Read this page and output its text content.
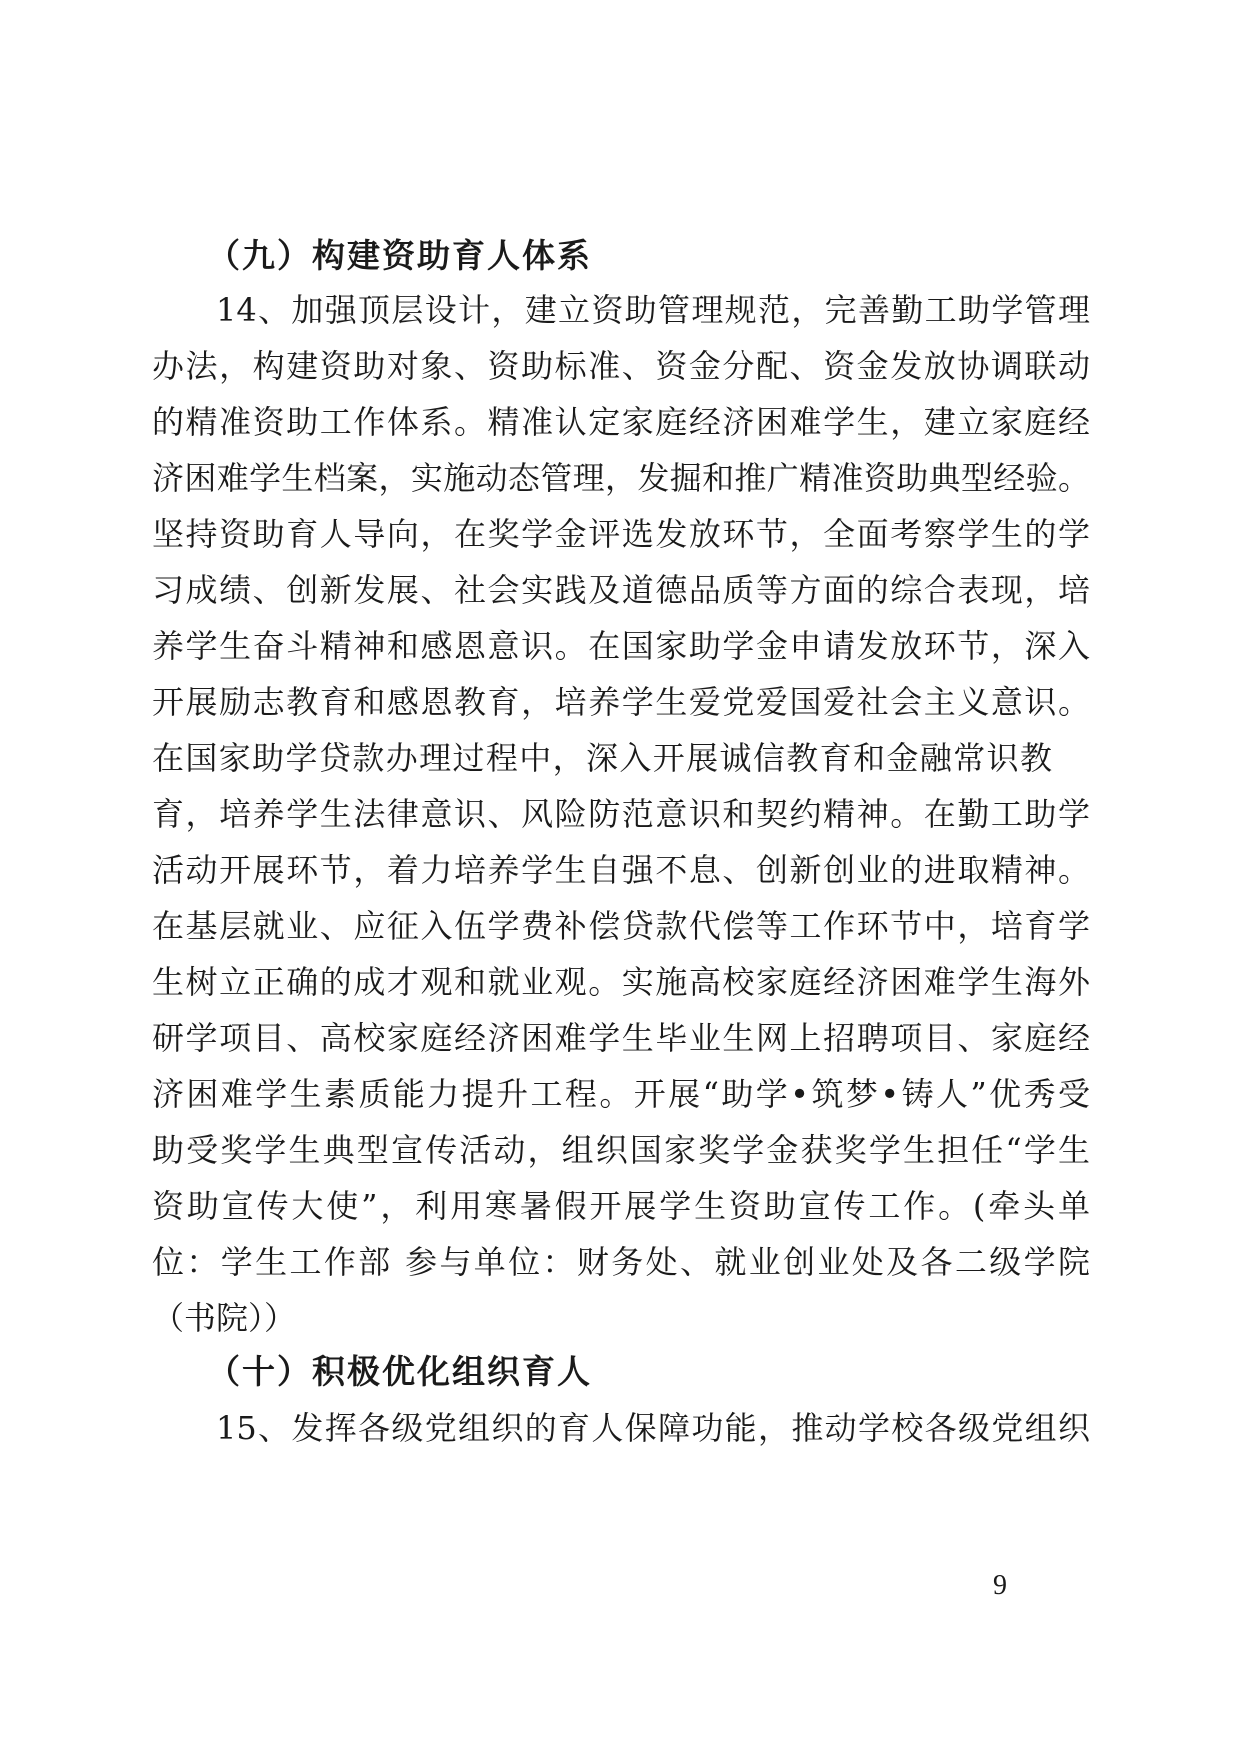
（九）构建资助育人体系
14、加强顶层设计，建立资助管理规范，完善勤工助学管理
办法，构建资助对象、资助标准、资金分配、资金发放协调联动
的精准资助工作体系。精准认定家庭经济困难学生，建立家庭经
济困难学生档案，实施动态管理，发掘和推广精准资助典型经验。
坚持资助育人导向，在奖学金评选发放环节，全面考察学生的学
习成绩、创新发展、社会实践及道德品质等方面的综合表现，培
养学生奋斗精神和感恩意识。在国家助学金申请发放环节，深入
开展励志教育和感恩教育，培养学生爱党爱国爱社会主义意识。
在国家助学贷款办理过程中，深入开展诚信教育和金融常识教
育，培养学生法律意识、风险防范意识和契约精神。在勤工助学
活动开展环节，着力培养学生自强不息、创新创业的进取精神。
在基层就业、应征入伍学费补偿贷款代偿等工作环节中，培育学
生树立正确的成才观和就业观。实施高校家庭经济困难学生海外
研学项目、高校家庭经济困难学生毕业生网上招聘项目、家庭经
济困难学生素质能力提升工程。开展“助学•筑梦•铸人”优秀受
助受奖学生典型宣传活动，组织国家奖学金获奖学生担任“学生
资助宣传大使”，利用寒暑假开展学生资助宣传工作。(牵头单
位：学生工作部 参与单位：财务处、就业创业处及各二级学院
（书院））
（十）积极优化组织育人
15、发挥各级党组织的育人保障功能，推动学校各级党组织
9
